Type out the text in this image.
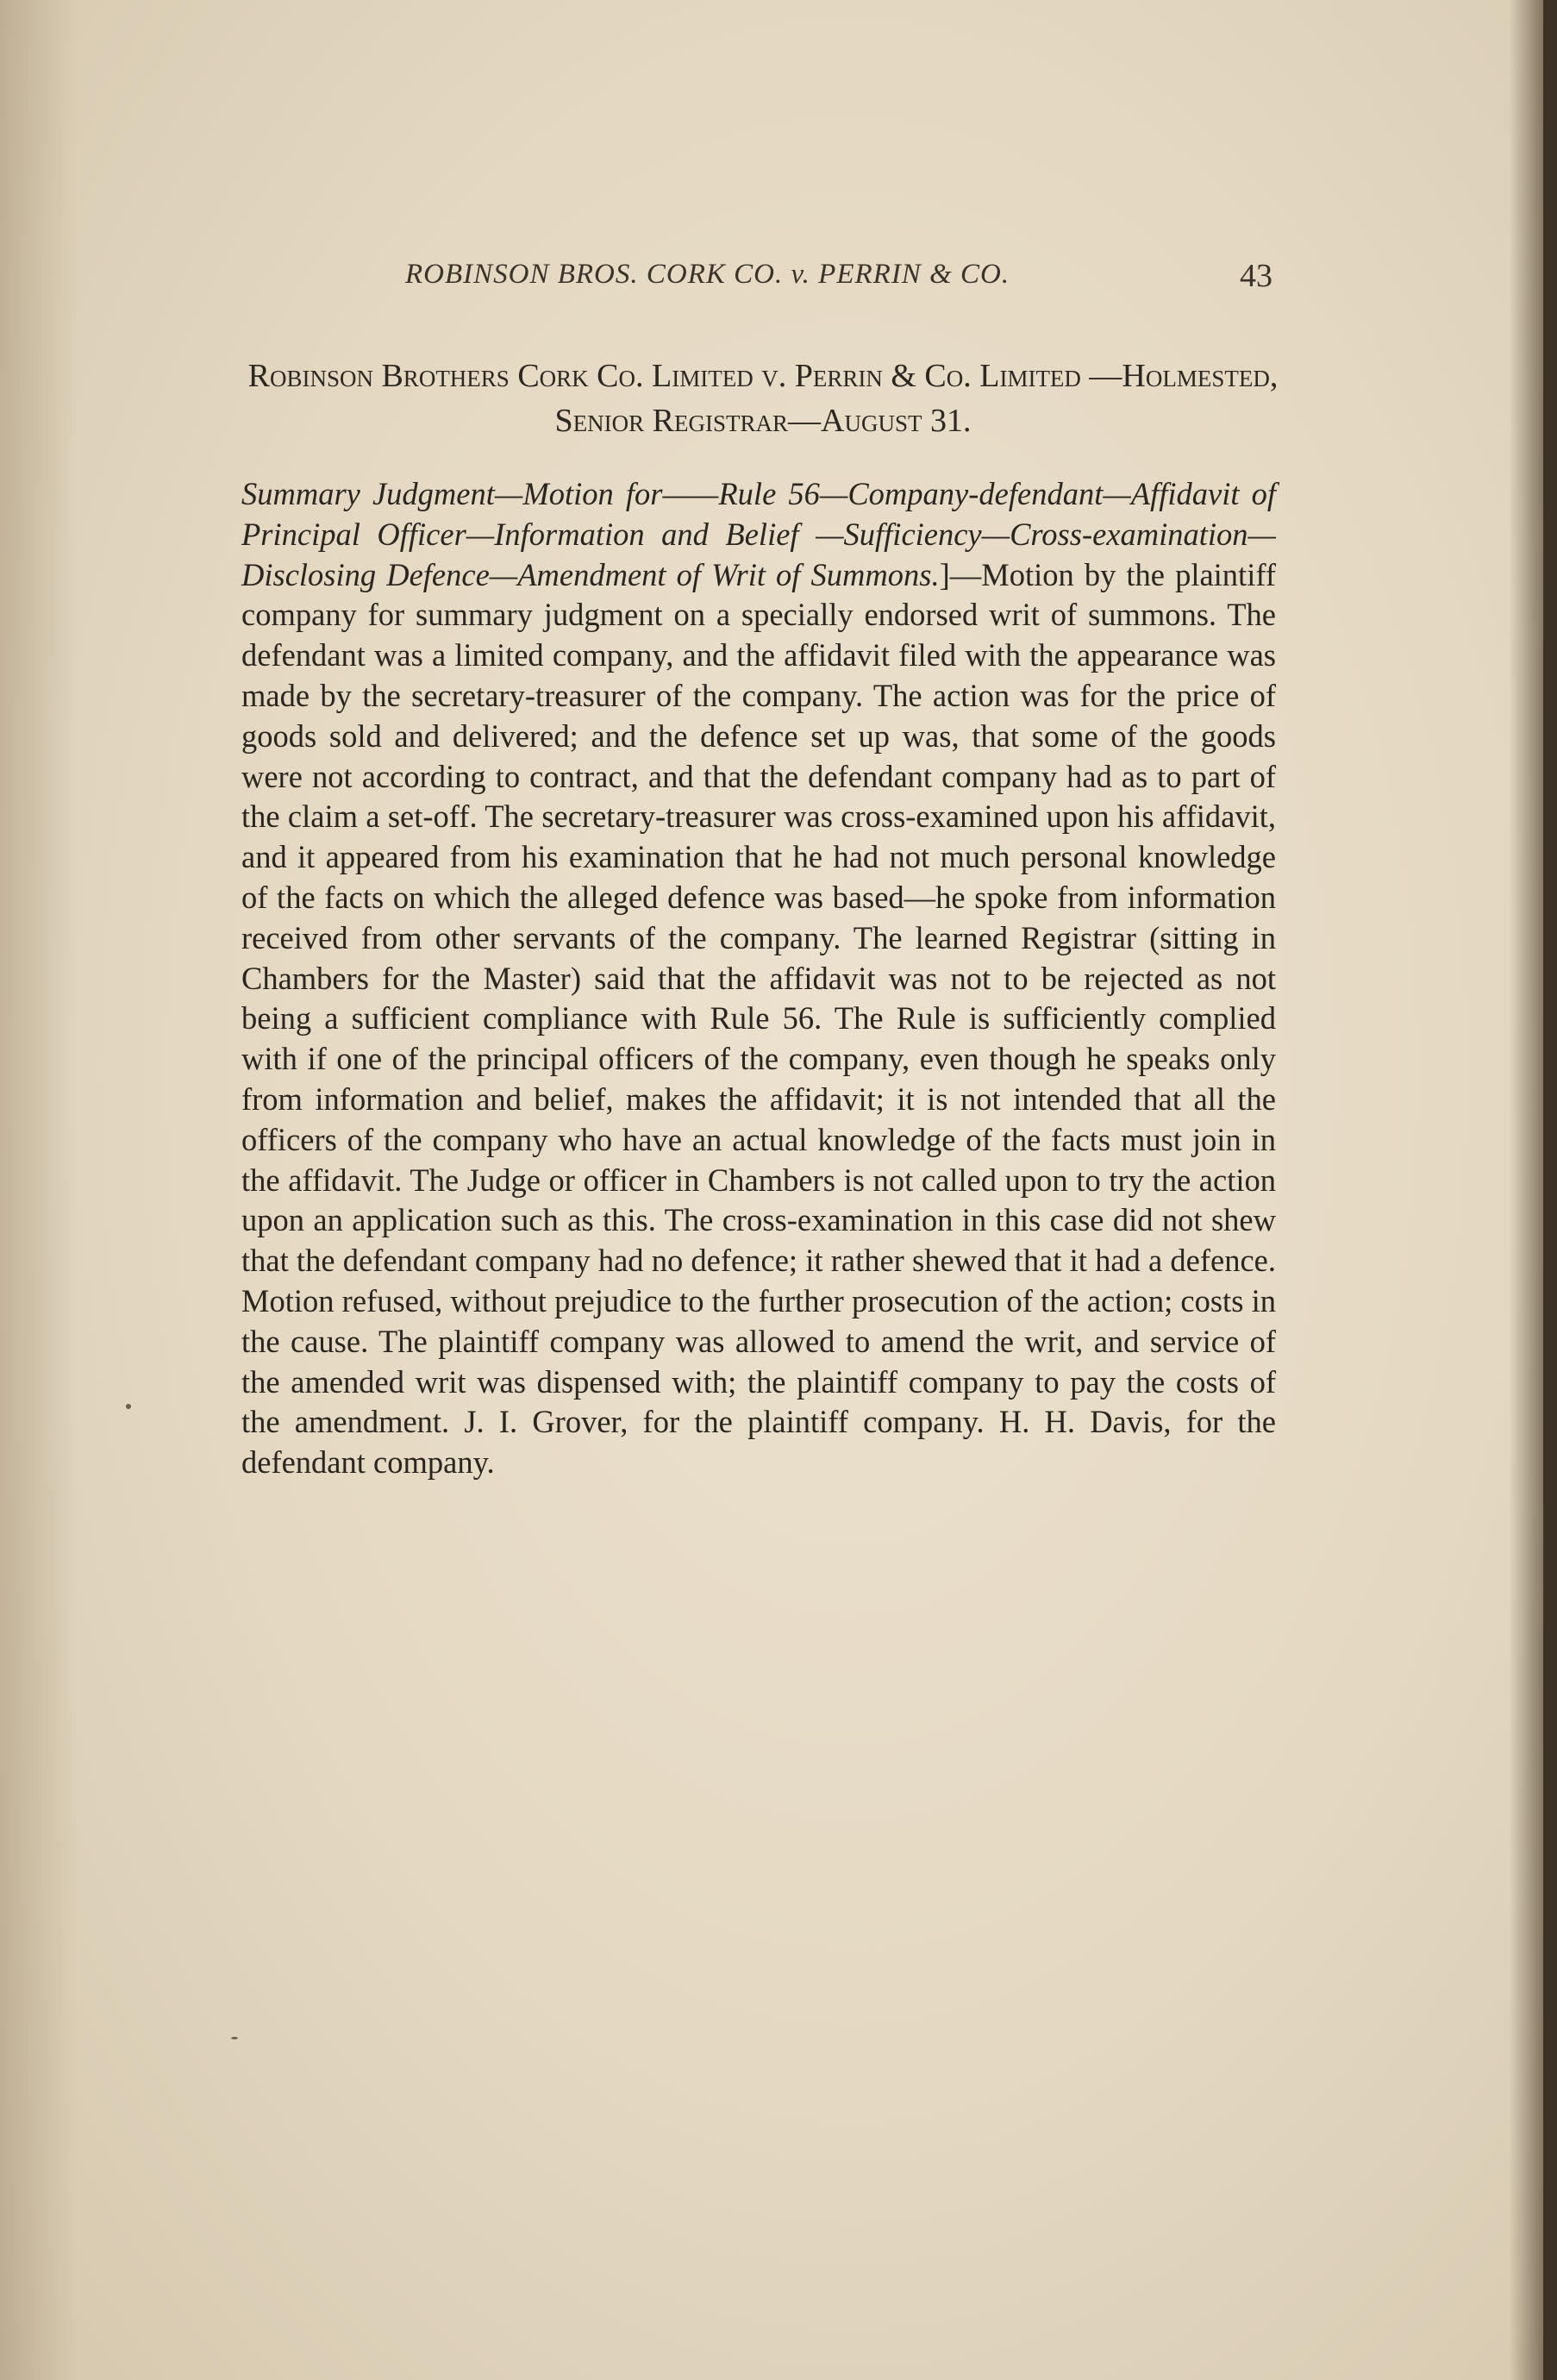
ROBINSON BROS. CORK CO. v. PERRIN & CO.	43
Robinson Brothers Cork Co. Limited v. Perrin & Co. Limited —Holmested, Senior Registrar—August 31.
Summary Judgment—Motion for——Rule 56—Company-defendant—Affidavit of Principal Officer—Information and Belief —Sufficiency—Cross-examination—Disclosing Defence—Amendment of Writ of Summons.]—Motion by the plaintiff company for summary judgment on a specially endorsed writ of summons. The defendant was a limited company, and the affidavit filed with the appearance was made by the secretary-treasurer of the company. The action was for the price of goods sold and delivered; and the defence set up was, that some of the goods were not according to contract, and that the defendant company had as to part of the claim a set-off. The secretary-treasurer was cross-examined upon his affidavit, and it appeared from his examination that he had not much personal knowledge of the facts on which the alleged defence was based—he spoke from information received from other servants of the company. The learned Registrar (sitting in Chambers for the Master) said that the affidavit was not to be rejected as not being a sufficient compliance with Rule 56. The Rule is sufficiently complied with if one of the principal officers of the company, even though he speaks only from information and belief, makes the affidavit; it is not intended that all the officers of the company who have an actual knowledge of the facts must join in the affidavit. The Judge or officer in Chambers is not called upon to try the action upon an application such as this. The cross-examination in this case did not shew that the defendant company had no defence; it rather shewed that it had a defence. Motion refused, without prejudice to the further prosecution of the action; costs in the cause. The plaintiff company was allowed to amend the writ, and service of the amended writ was dispensed with; the plaintiff company to pay the costs of the amendment. J. I. Grover, for the plaintiff company. H. H. Davis, for the defendant company.
